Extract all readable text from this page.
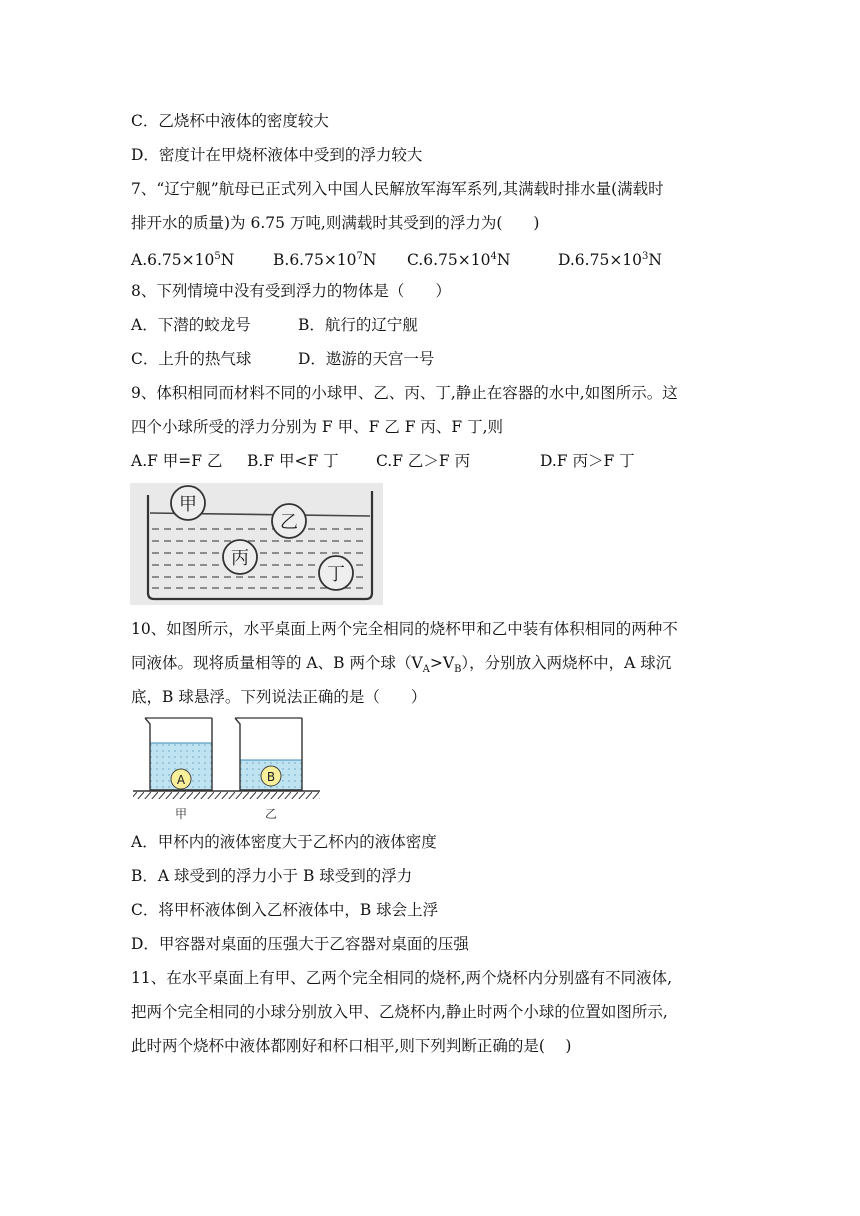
C．乙烧杯中液体的密度较大
D．密度计在甲烧杯液体中受到的浮力较大
7、“辽宁舰”航母已正式列入中国人民解放军海军系列,其满载时排水量(满载时
排开水的质量)为 6.75 万吨,则满载时其受到的浮力为(　　)
$A.6.75\times 10^5N$ $B.6.75\times 10^7N$ $C.6.75\times 10^4N$	$D.6.75\times 10^3N$
8、下列情境中没有受到浮力的物体是（　　）
A．下潜的蛟龙号	B．航行的辽宁舰
C．上升的热气球	D．遨游的天宫一号
9、体积相同而材料不同的小球甲、乙、丙、丁,静止在容器的水中,如图所示。这
四个小球所受的浮力分别为 F 甲、F 乙 F 丙、F 丁,则
A.F 甲=F 乙 B.F 甲<F 丁 C.F 乙＞F 丙	D.F 丙＞F 丁
甲
乙
丙
丁
10、如图所示，水平桌面上两个完全相同的烧杯甲和乙中装有体积相同的两种不
同液体。现将质量相等的 A、B 两个球$(V_A>V_B)$，分别放入两烧杯中，A 球沉
底，B 球悬浮。下列说法正确的是（　　）
A	B
甲	乙
A．甲杯内的液体密度大于乙杯内的液体密度
B．A 球受到的浮力小于 B 球受到的浮力
C．将甲杯液体倒入乙杯液体中，B 球会上浮
D．甲容器对桌面的压强大于乙容器对桌面的压强
11、在水平桌面上有甲、乙两个完全相同的烧杯,两个烧杯内分别盛有不同液体,
把两个完全相同的小球分别放入甲、乙烧杯内,静止时两个小球的位置如图所示,
此时两个烧杯中液体都刚好和杯口相平,则下列判断正确的是(　 )
